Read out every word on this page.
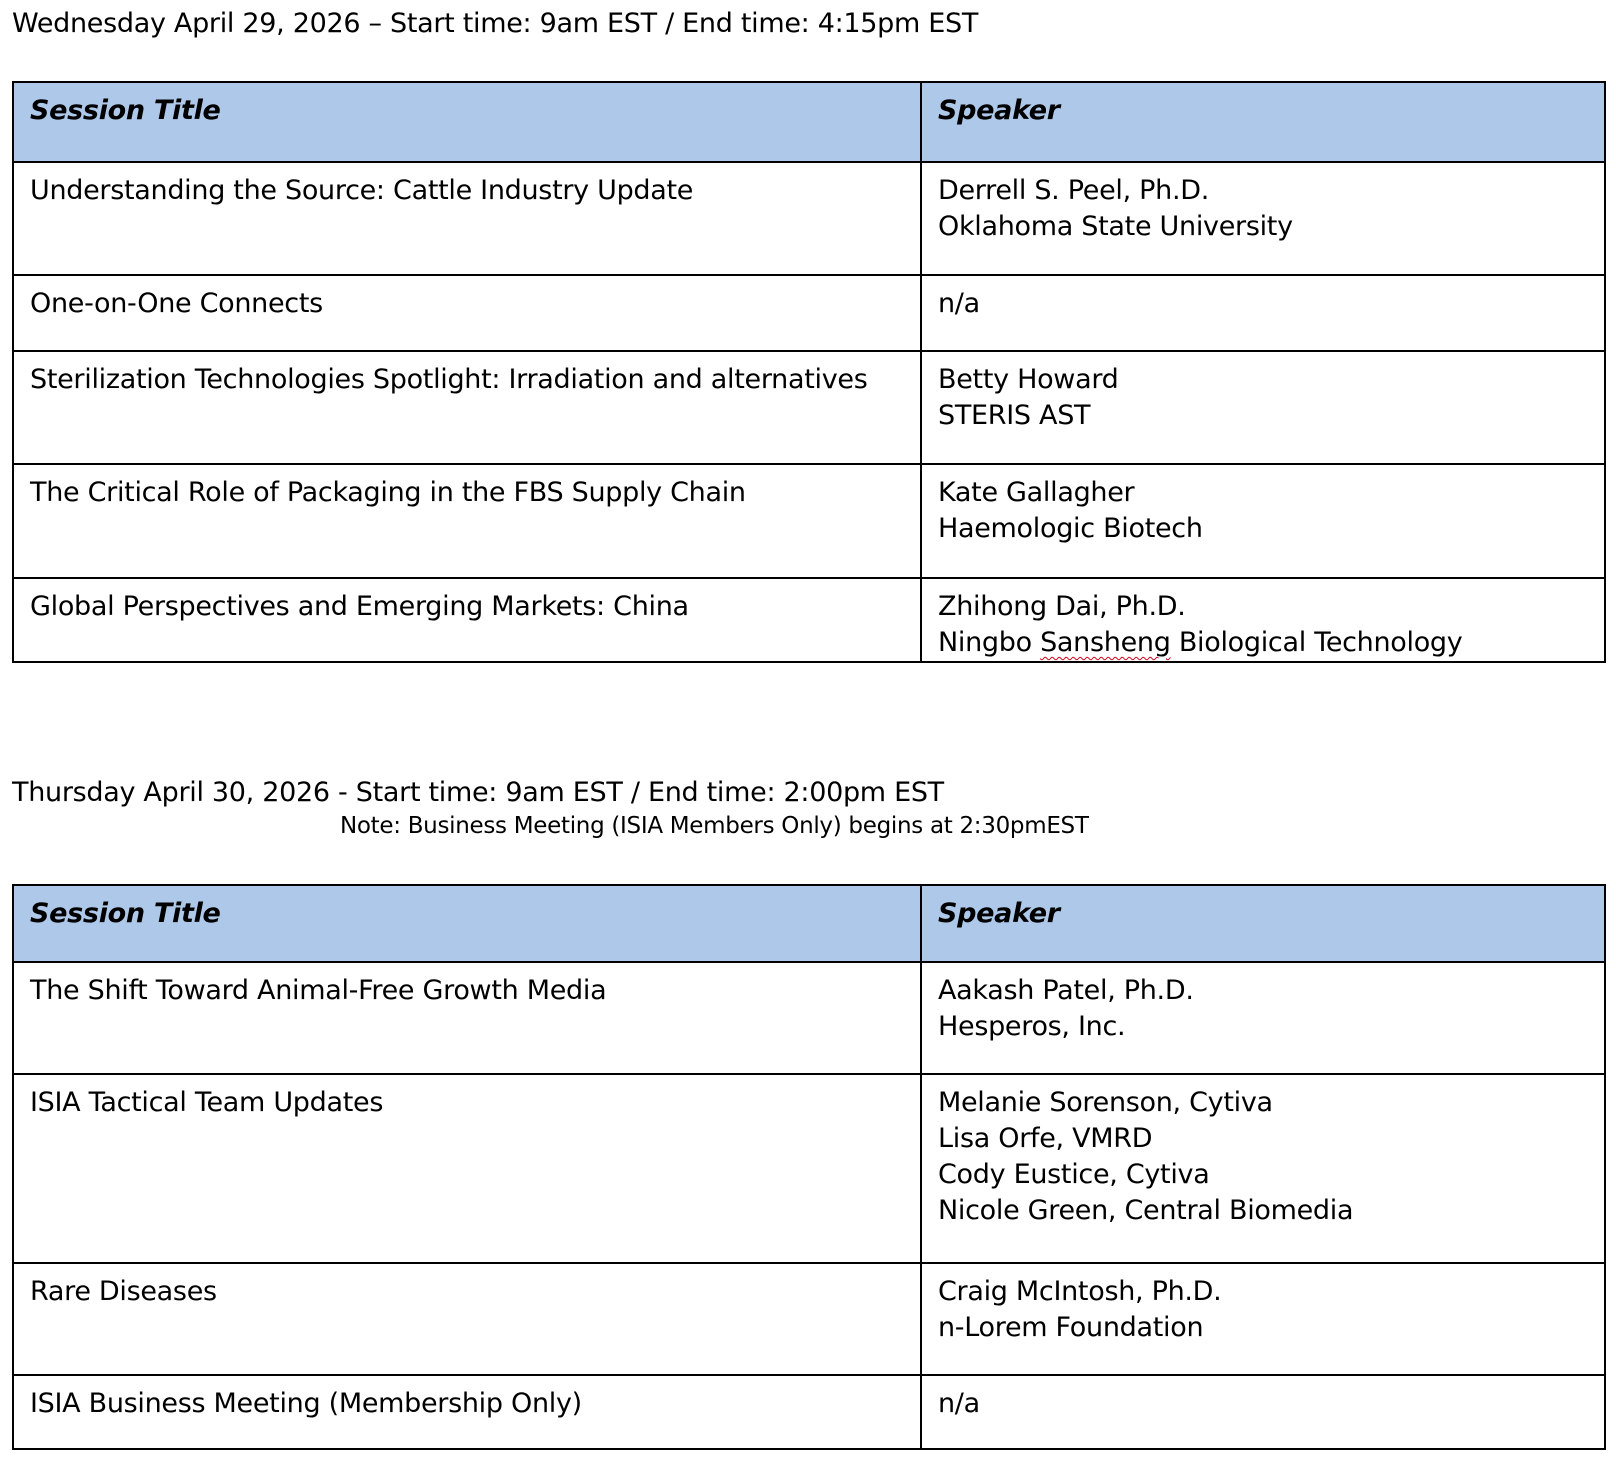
Wednesday April 29, 2026 – Start time: 9am EST / End time: 4:15pm EST
Session Title	Speaker
Understanding the Source: Cattle Industry Update	Derrell S. Peel, Ph.D.
Oklahoma State University

One-on-One Connects	n/a

Sterilization Technologies Spotlight: Irradiation and alternatives	Betty Howard
STERIS AST

The Critical Role of Packaging in the FBS Supply Chain	Kate Gallagher
Haemologic Biotech

Global Perspectives and Emerging Markets: China	Zhihong Dai, Ph.D.
Ningbo Sansheng Biological Technology
Thursday April 30, 2026 - Start time: 9am EST / End time: 2:00pm EST
Note: Business Meeting (ISIA Members Only) begins at 2:30pmEST
Session Title	Speaker
The Shift Toward Animal-Free Growth Media	Aakash Patel, Ph.D.
Hesperos, Inc.

ISIA Tactical Team Updates	Melanie Sorenson, Cytiva
Lisa Orfe, VMRD
Cody Eustice, Cytiva
Nicole Green, Central Biomedia

Rare Diseases	Craig McIntosh, Ph.D.
n-Lorem Foundation

ISIA Business Meeting (Membership Only)	n/a
